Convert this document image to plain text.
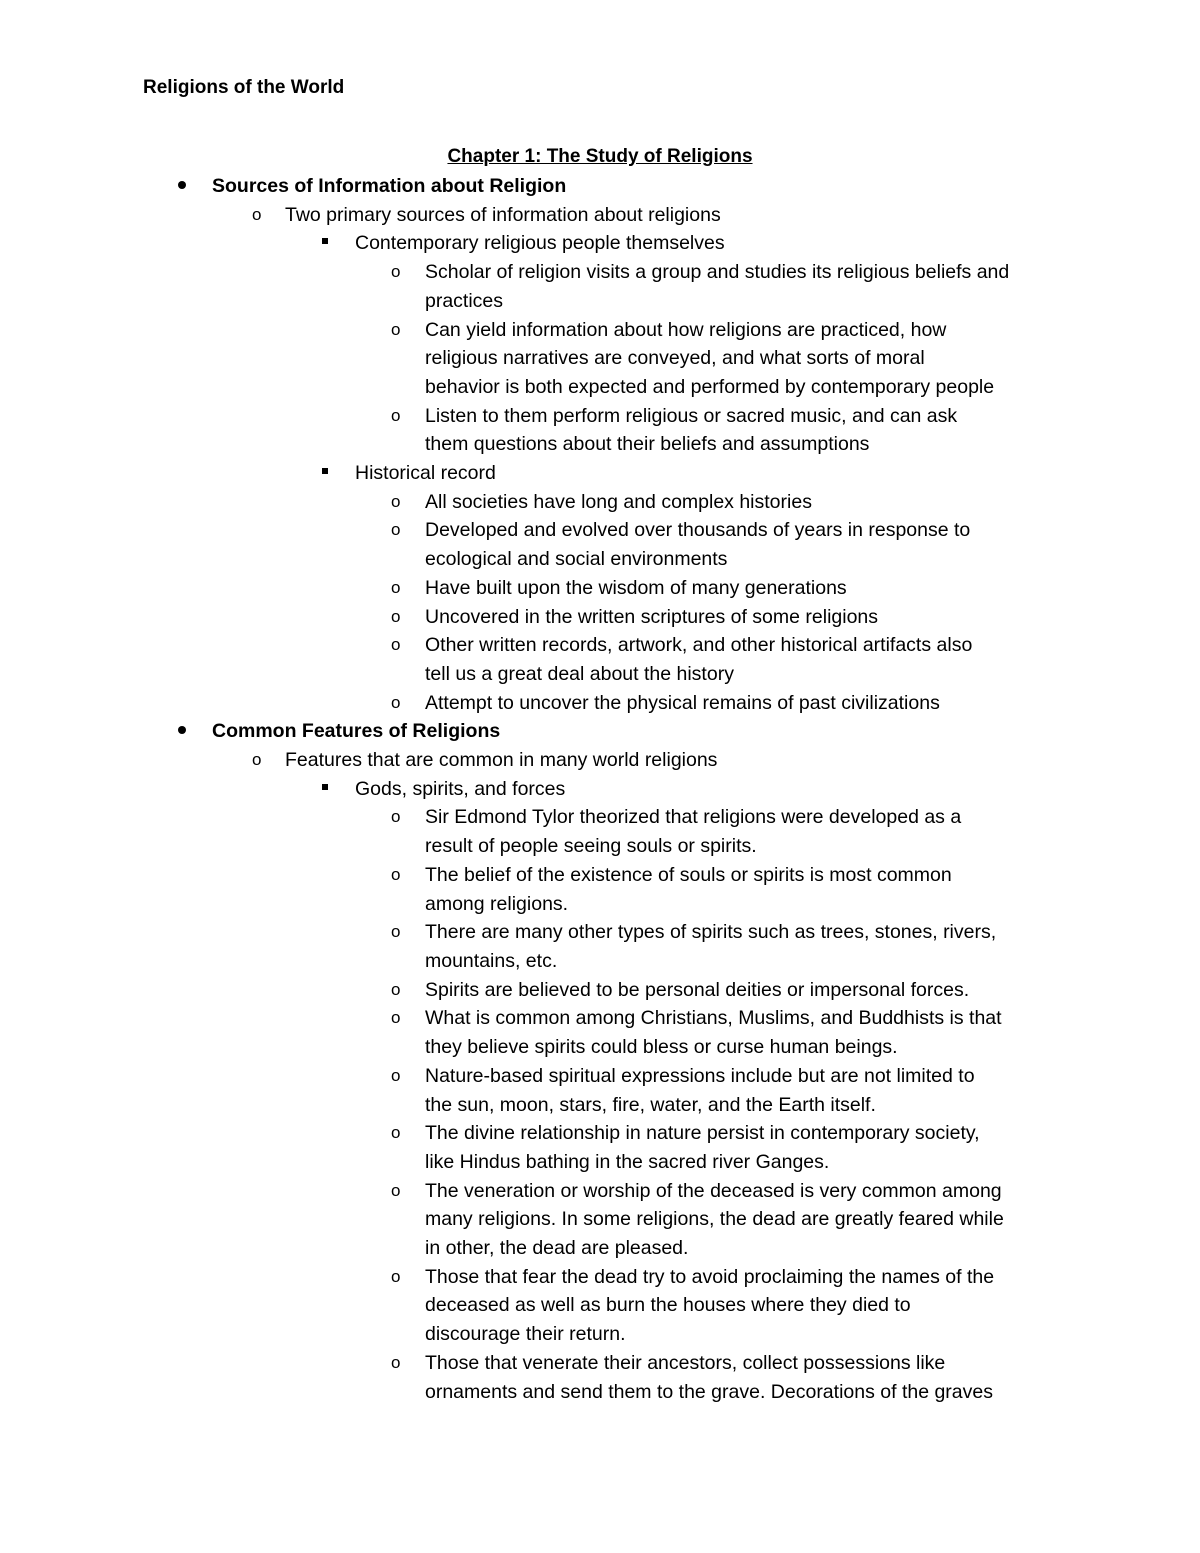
Religions of the World
Chapter 1: The Study of Religions
Sources of Information about Religion
o Two primary sources of information about religions
Contemporary religious people themselves
o Scholar of religion visits a group and studies its religious beliefs and
practices
o Can yield information about how religions are practiced, how
religious narratives are conveyed, and what sorts of moral
behavior is both expected and performed by contemporary people
o Listen to them perform religious or sacred music, and can ask
them questions about their beliefs and assumptions
Historical record
o All societies have long and complex histories
o Developed and evolved over thousands of years in response to
ecological and social environments
o Have built upon the wisdom of many generations
o Uncovered in the written scriptures of some religions
o Other written records, artwork, and other historical artifacts also
tell us a great deal about the history
o Attempt to uncover the physical remains of past civilizations
Common Features of Religions
o Features that are common in many world religions
Gods, spirits, and forces
o Sir Edmond Tylor theorized that religions were developed as a
result of people seeing souls or spirits.
o The belief of the existence of souls or spirits is most common
among religions.
o There are many other types of spirits such as trees, stones, rivers,
mountains, etc.
o Spirits are believed to be personal deities or impersonal forces.
o What is common among Christians, Muslims, and Buddhists is that
they believe spirits could bless or curse human beings.
o Nature-based spiritual expressions include but are not limited to
the sun, moon, stars, fire, water, and the Earth itself.
o The divine relationship in nature persist in contemporary society,
like Hindus bathing in the sacred river Ganges.
o The veneration or worship of the deceased is very common among
many religions. In some religions, the dead are greatly feared while
in other, the dead are pleased.
o Those that fear the dead try to avoid proclaiming the names of the
deceased as well as burn the houses where they died to
discourage their return.
o Those that venerate their ancestors, collect possessions like
ornaments and send them to the grave. Decorations of the graves
